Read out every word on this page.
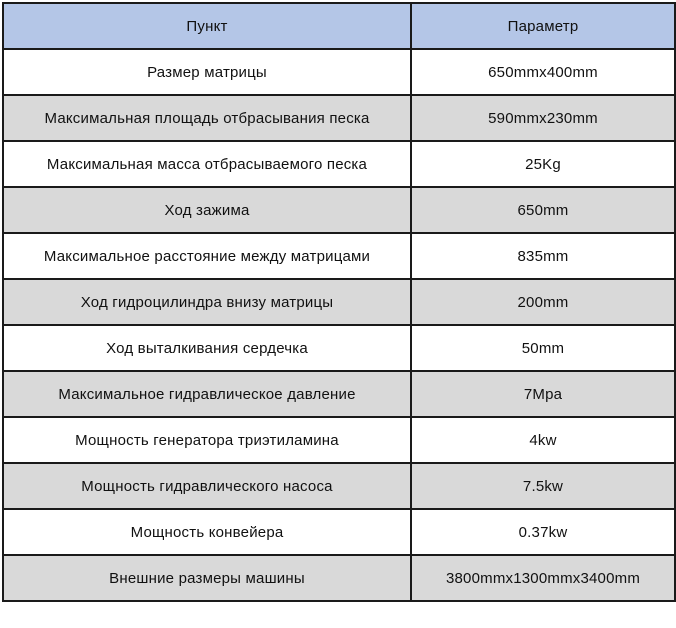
Пункт	Параметр
Размер матрицы	650mmx400mm
Максимальная площадь отбрасывания песка	590mmx230mm
Максимальная масса отбрасываемого песка	25Kg
Ход зажима	650mm
Максимальное расстояние между матрицами	835mm
Ход гидроцилиндра внизу матрицы	200mm
Ход выталкивания сердечка	50mm
Максимальное гидравлическое давление	7Mpa
Мощность генератора триэтиламина	4kw
Мощность гидравлического насоса	7.5kw
Мощность конвейера	0.37kw
Внешние размеры машины	3800mmx1300mmx3400mm
